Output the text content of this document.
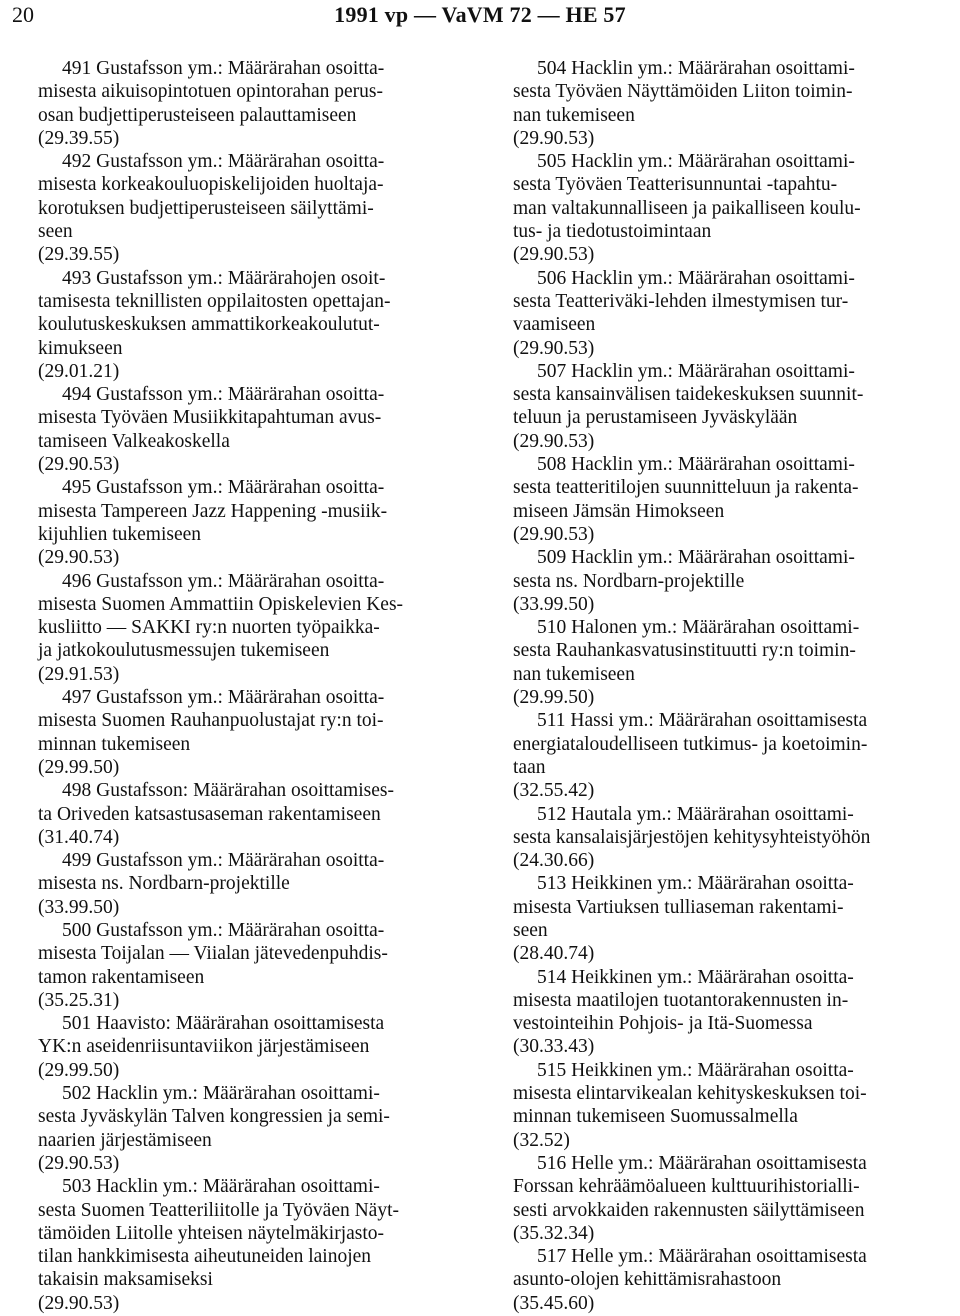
20	1991 vp — VaVM 72 — HE 57

491 Gustafsson ym.: Määrärahan osoitta-
misesta aikuisopintotuen opintorahan perus-
osan budjettiperusteiseen palauttamiseen
(29.39.55)

492 Gustafsson ym.: Määrärahan osoitta-
misesta korkeakouluopiskelijoiden huoltaja-
korotuksen budjettiperusteiseen säilyttämi-
seen
(29.39.55)

493 Gustafsson ym.: Määrärahojen osoit-
tamisesta teknillisten oppilaitosten opettajan-
koulutuskeskuksen ammattikorkeakoulutut-
kimukseen
(29.01.21)

494 Gustafsson ym.: Määrärahan osoitta-
misesta Työväen Musiikkitapahtuman avus-
tamiseen Valkeakoskella
(29.90.53)

495 Gustafsson ym.: Määrärahan osoitta-
misesta Tampereen Jazz Happening -musiik-
kijuhlien tukemiseen
(29.90.53)

496 Gustafsson ym.: Määrärahan osoitta-
misesta Suomen Ammattiin Opiskelevien Kes-
kusliitto — SAKKI ry:n nuorten työpaikka-
ja jatkokoulutusmessujen tukemiseen
(29.91.53)

497 Gustafsson ym.: Määrärahan osoitta-
misesta Suomen Rauhanpuolustajat ry:n toi-
minnan tukemiseen
(29.99.50)

498 Gustafsson: Määrärahan osoittamises-
ta Oriveden katsastusaseman rakentamiseen
(31.40.74)

499 Gustafsson ym.: Määrärahan osoitta-
misesta ns. Nordbarn-projektille
(33.99.50)

500 Gustafsson ym.: Määrärahan osoitta-
misesta Toijalan — Viialan jätevedenpuhdis-
tamon rakentamiseen
(35.25.31)

501 Haavisto: Määrärahan osoittamisesta
YK:n aseidenriisuntaviikon järjestämiseen
(29.99.50)

502 Hacklin ym.: Määrärahan osoittami-
sesta Jyväskylän Talven kongressien ja semi-
naarien järjestämiseen
(29.90.53)

503 Hacklin ym.: Määrärahan osoittami-
sesta Suomen Teatteriliitolle ja Työväen Näyt-
tämöiden Liitolle yhteisen näytelmäkirjasto-
tilan hankkimisesta aiheutuneiden lainojen
takaisin maksamiseksi
(29.90.53)

504 Hacklin ym.: Määrärahan osoittami-
sesta Työväen Näyttämöiden Liiton toimin-
nan tukemiseen
(29.90.53)

505 Hacklin ym.: Määrärahan osoittami-
sesta Työväen Teatterisunnuntai -tapahtu-
man valtakunnalliseen ja paikalliseen koulu-
tus- ja tiedotustoimintaan
(29.90.53)

506 Hacklin ym.: Määrärahan osoittami-
sesta Teatteriväki-lehden ilmestymisen tur-
vaamiseen
(29.90.53)

507 Hacklin ym.: Määrärahan osoittami-
sesta kansainvälisen taidekeskuksen suunnit-
teluun ja perustamiseen Jyväskylään
(29.90.53)

508 Hacklin ym.: Määrärahan osoittami-
sesta teatteritilojen suunnitteluun ja rakenta-
miseen Jämsän Himokseen
(29.90.53)

509 Hacklin ym.: Määrärahan osoittami-
sesta ns. Nordbarn-projektille
(33.99.50)

510 Halonen ym.: Määrärahan osoittami-
sesta Rauhankasvatusinstituutti ry:n toimin-
nan tukemiseen
(29.99.50)

511 Hassi ym.: Määrärahan osoittamisesta
energiataloudelliseen tutkimus- ja koetoimin-
taan
(32.55.42)

512 Hautala ym.: Määrärahan osoittami-
sesta kansalaisjärjestöjen kehitysyhteistyöhön
(24.30.66)

513 Heikkinen ym.: Määrärahan osoitta-
misesta Vartiuksen tulliaseman rakentami-
seen
(28.40.74)

514 Heikkinen ym.: Määrärahan osoitta-
misesta maatilojen tuotantorakennusten in-
vestointeihin Pohjois- ja Itä-Suomessa
(30.33.43)

515 Heikkinen ym.: Määrärahan osoitta-
misesta elintarvikealan kehityskeskuksen toi-
minnan tukemiseen Suomussalmella
(32.52)

516 Helle ym.: Määrärahan osoittamisesta
Forssan kehräämöalueen kulttuurihistorialli-
sesti arvokkaiden rakennusten säilyttämiseen
(35.32.34)

517 Helle ym.: Määrärahan osoittamisesta
asunto-olojen kehittämisrahastoon
(35.45.60)
